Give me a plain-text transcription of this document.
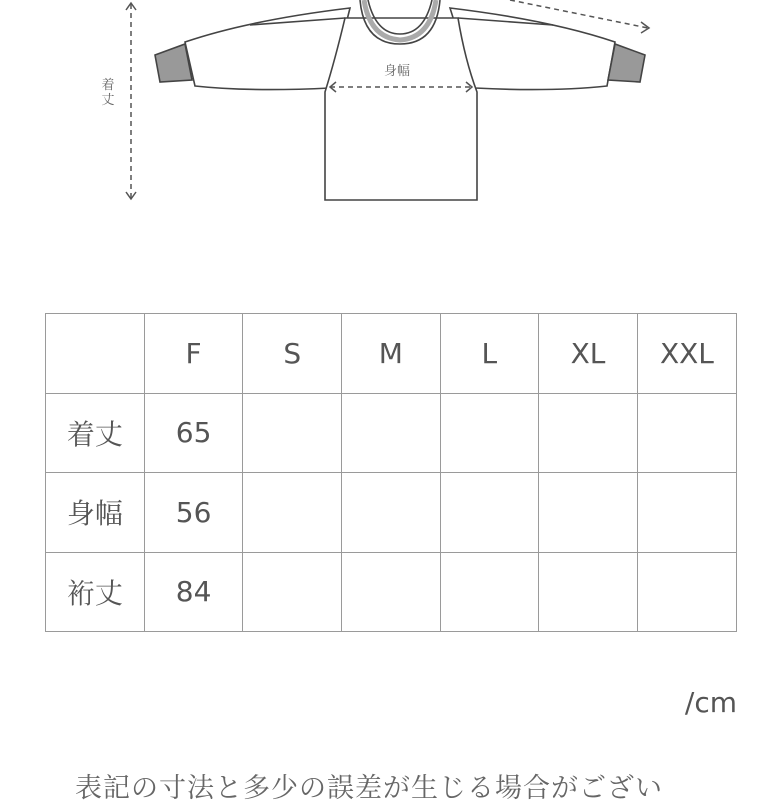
着丈
身幅
	F	S	M	L	XL	XXL
着丈	65					
身幅	56					
裄丈	84					
/cm
表記の寸法と多少の誤差が生じる場合がござい
